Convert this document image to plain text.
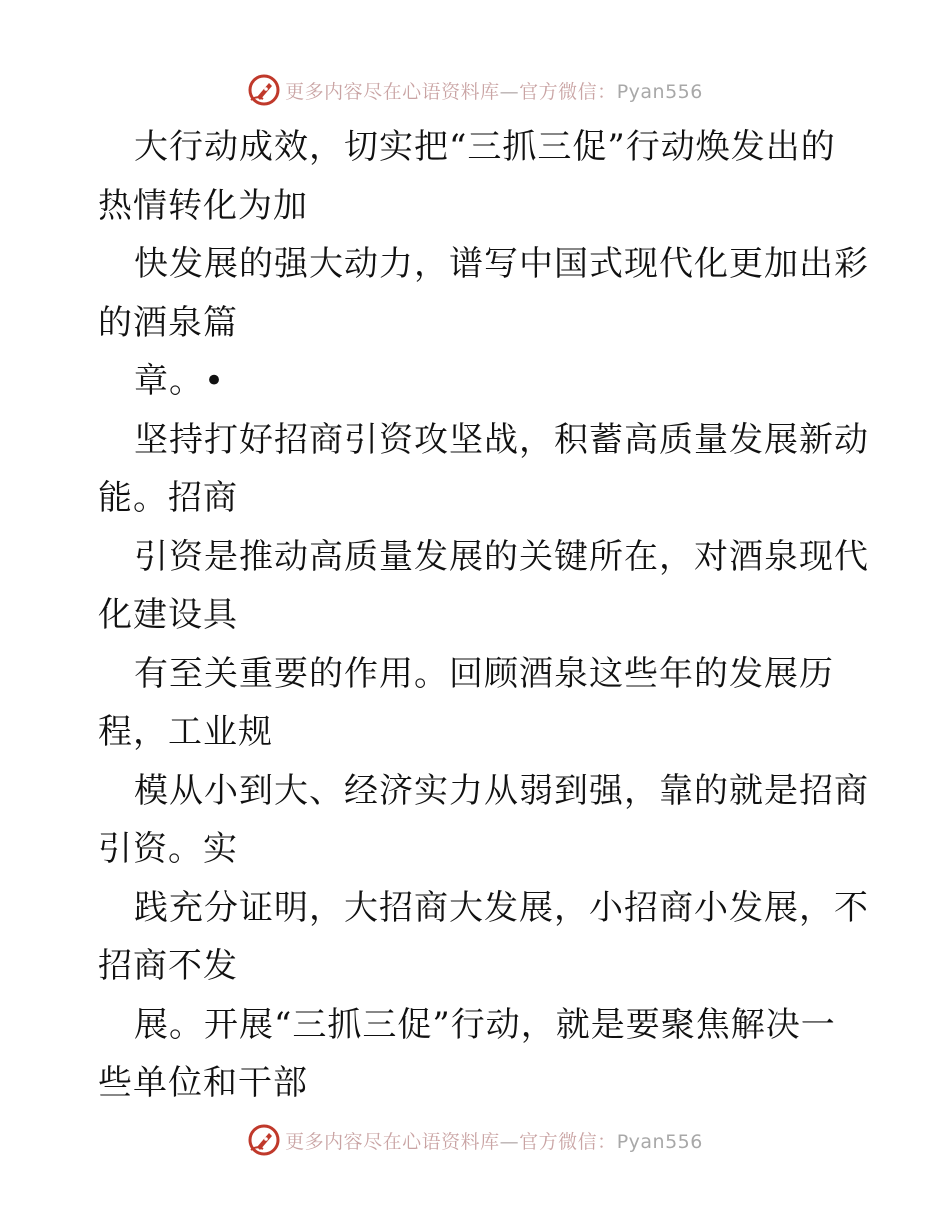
更多内容尽在心语资料库—官方微信：Pyan556
大行动成效，切实把“三抓三促”行动焕发出的
热情转化为加
快发展的强大动力，谱写中国式现代化更加出彩
的酒泉篇
章。•
坚持打好招商引资攻坚战，积蓄高质量发展新动
能。招商
引资是推动高质量发展的关键所在，对酒泉现代
化建设具
有至关重要的作用。回顾酒泉这些年的发展历
程，工业规
模从小到大、经济实力从弱到强，靠的就是招商
引资。实
践充分证明，大招商大发展，小招商小发展，不
招商不发
展。开展“三抓三促”行动，就是要聚焦解决一
些单位和干部
更多内容尽在心语资料库—官方微信：Pyan556
